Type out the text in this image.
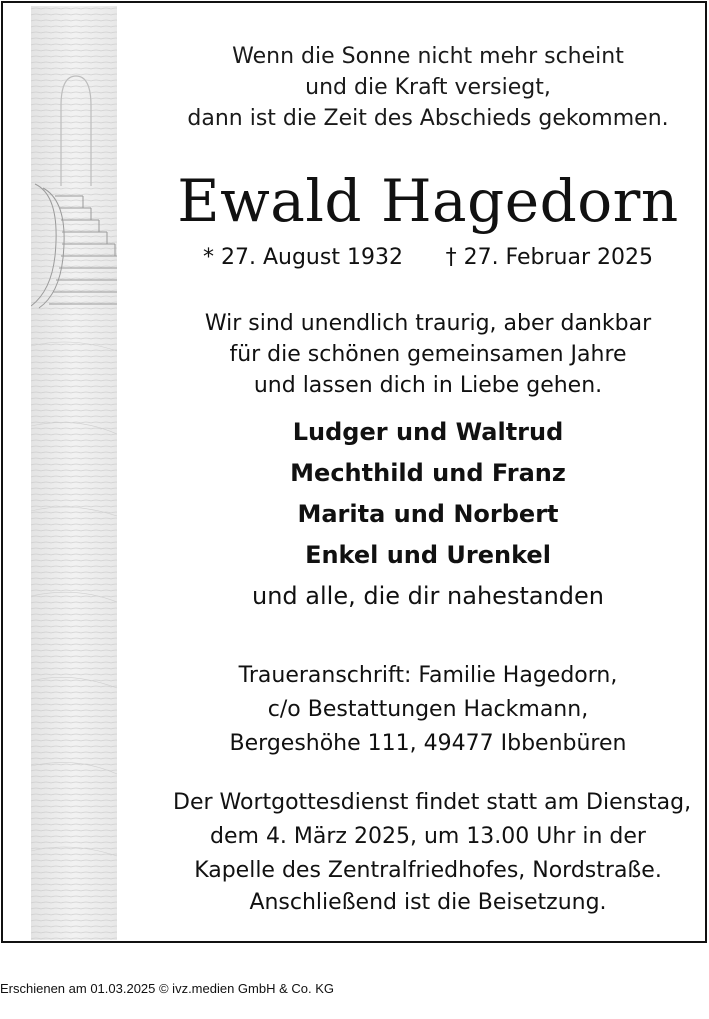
Wenn die Sonne nicht mehr scheint
und die Kraft versiegt,
dann ist die Zeit des Abschieds gekommen.
Ewald Hagedorn
* 27. August 1932 † 27. Februar 2025
Wir sind unendlich traurig, aber dankbar
für die schönen gemeinsamen Jahre
und lassen dich in Liebe gehen.
Ludger und Waltrud
Mechthild und Franz
Marita und Norbert
Enkel und Urenkel
und alle, die dir nahestanden
Traueranschrift: Familie Hagedorn,
c/o Bestattungen Hackmann,
Bergeshöhe 111, 49477 Ibbenbüren
Der Wortgottesdienst findet statt am Dienstag,
dem 4. März 2025, um 13.00 Uhr in der
Kapelle des Zentralfriedhofes, Nordstraße.
Anschließend ist die Beisetzung.
Erschienen am 01.03.2025 © ivz.medien GmbH & Co. KG
